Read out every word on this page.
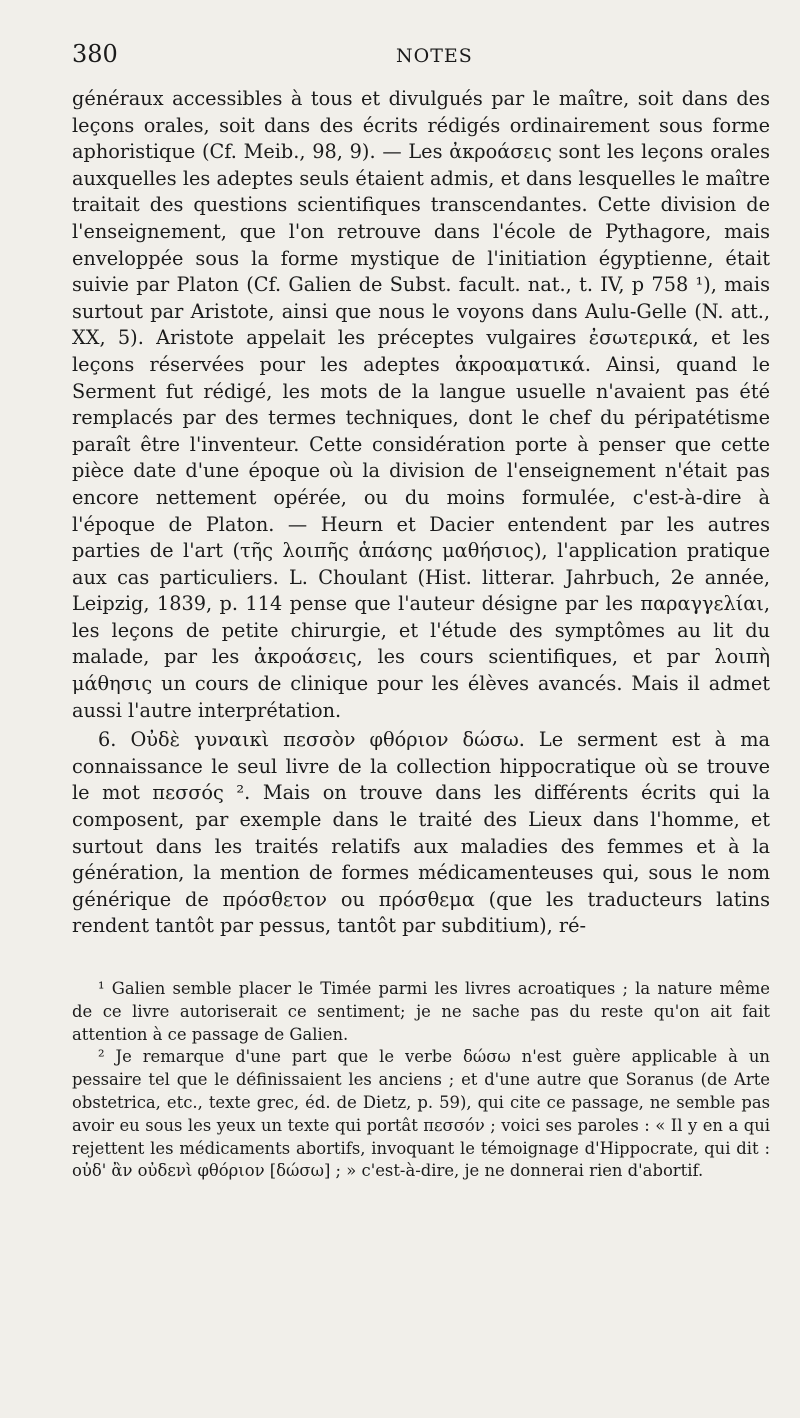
380	NOTES

généraux accessibles à tous et divulgués par le maître, soit dans des leçons orales, soit dans des écrits rédigés ordinairement sous forme aphoristique (Cf. Meib., 98, 9). — Les ἀκροάσεις sont les leçons orales auxquelles les adeptes seuls étaient admis, et dans lesquelles le maître traitait des questions scientifiques transcendantes. Cette division de l'enseignement, que l'on retrouve dans l'école de Pythagore, mais enveloppée sous la forme mystique de l'initiation égyptienne, était suivie par Platon (Cf. Galien de Subst. facult. nat., t. IV, p 758 ¹), mais surtout par Aristote, ainsi que nous le voyons dans Aulu-Gelle (N. att., XX, 5). Aristote appelait les préceptes vulgaires ἐσωτερικά, et les leçons réservées pour les adeptes ἀκροαματικά. Ainsi, quand le Serment fut rédigé, les mots de la langue usuelle n'avaient pas été remplacés par des termes techniques, dont le chef du péripatétisme paraît être l'inventeur. Cette considération porte à penser que cette pièce date d'une époque où la division de l'enseignement n'était pas encore nettement opérée, ou du moins formulée, c'est-à-dire à l'époque de Platon. — Heurn et Dacier entendent par les autres parties de l'art (τῆς λοιπῆς ἁπάσης μαθήσιος), l'application pratique aux cas particuliers. L. Choulant (Hist. litterar. Jahrbuch, 2e année, Leipzig, 1839, p. 114 pense que l'auteur désigne par les παραγγελίαι, les leçons de petite chirurgie, et l'étude des symptômes au lit du malade, par les ἀκροάσεις, les cours scientifiques, et par λοιπὴ μάθησις un cours de clinique pour les élèves avancés. Mais il admet aussi l'autre interprétation.

6. Οὐδὲ γυναικὶ πεσσὸν φθόριον δώσω. Le serment est à ma connaissance le seul livre de la collection hippocratique où se trouve le mot πεσσός ². Mais on trouve dans les différents écrits qui la composent, par exemple dans le traité des Lieux dans l'homme, et surtout dans les traités relatifs aux maladies des femmes et à la génération, la mention de formes médicamenteuses qui, sous le nom générique de πρόσθετον ou πρόσθεμα (que les traducteurs latins rendent tantôt par pessus, tantôt par subditium), ré-

¹ Galien semble placer le Timée parmi les livres acroatiques ; la nature même de ce livre autoriserait ce sentiment; je ne sache pas du reste qu'on ait fait attention à ce passage de Galien.

² Je remarque d'une part que le verbe δώσω n'est guère applicable à un pessaire tel que le définissaient les anciens ; et d'une autre que Soranus (de Arte obstetrica, etc., texte grec, éd. de Dietz, p. 59), qui cite ce passage, ne semble pas avoir eu sous les yeux un texte qui portât πεσσόν ; voici ses paroles : « Il y en a qui rejettent les médicaments abortifs, invoquant le témoignage d'Hippocrate, qui dit : οὐδ' ἂν οὐδενὶ φθόριον [δώσω] ; » c'est-à-dire, je ne donnerai rien d'abortif.
